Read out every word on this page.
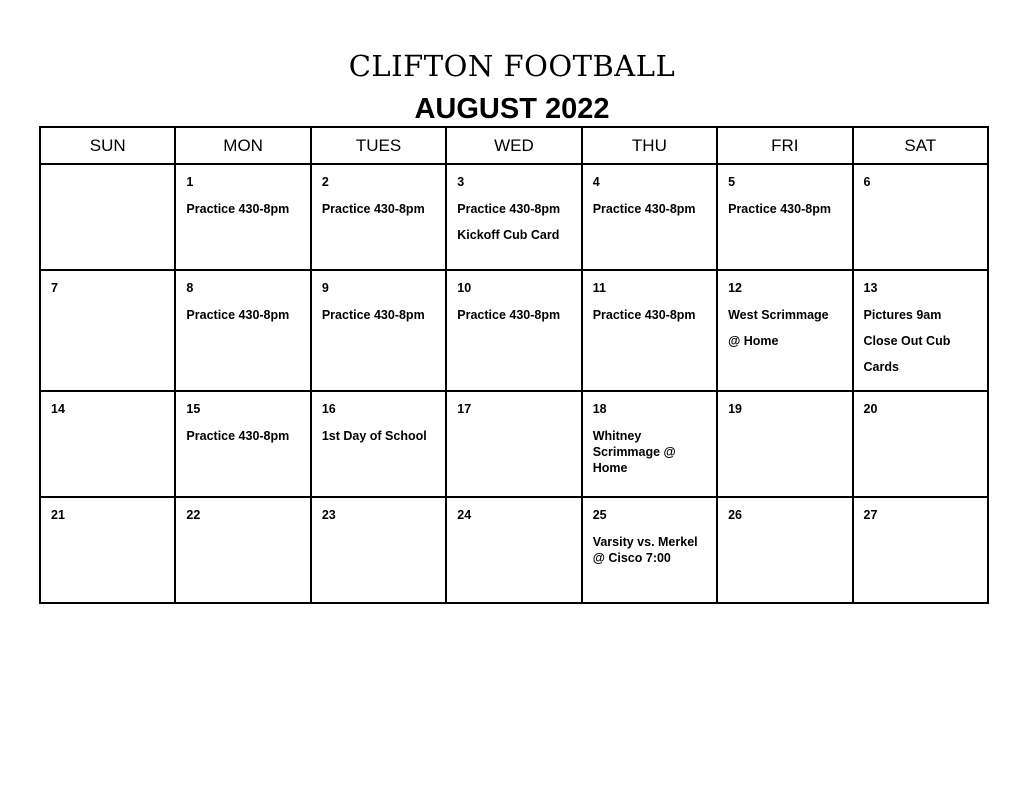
CLIFTON FOOTBALL
AUGUST 2022
SUN	MON	TUES	WED	THU	FRI	SAT

	1
Practice 430-8pm	2
Practice 430-8pm	3
Practice 430-8pm
Kickoff Cub Card	4
Practice 430-8pm	5
Practice 430-8pm	6

7	8
Practice 430-8pm	9
Practice 430-8pm	10
Practice 430-8pm	11
Practice 430-8pm	12
West Scrimmage
@ Home	13
Pictures 9am
Close Out Cub
Cards

14	15
Practice 430-8pm	16
1st Day of School	17	18
Whitney Scrimmage @ Home	19	20

21	22	23	24	25
Varsity vs. Merkel @ Cisco 7:00	26	27
